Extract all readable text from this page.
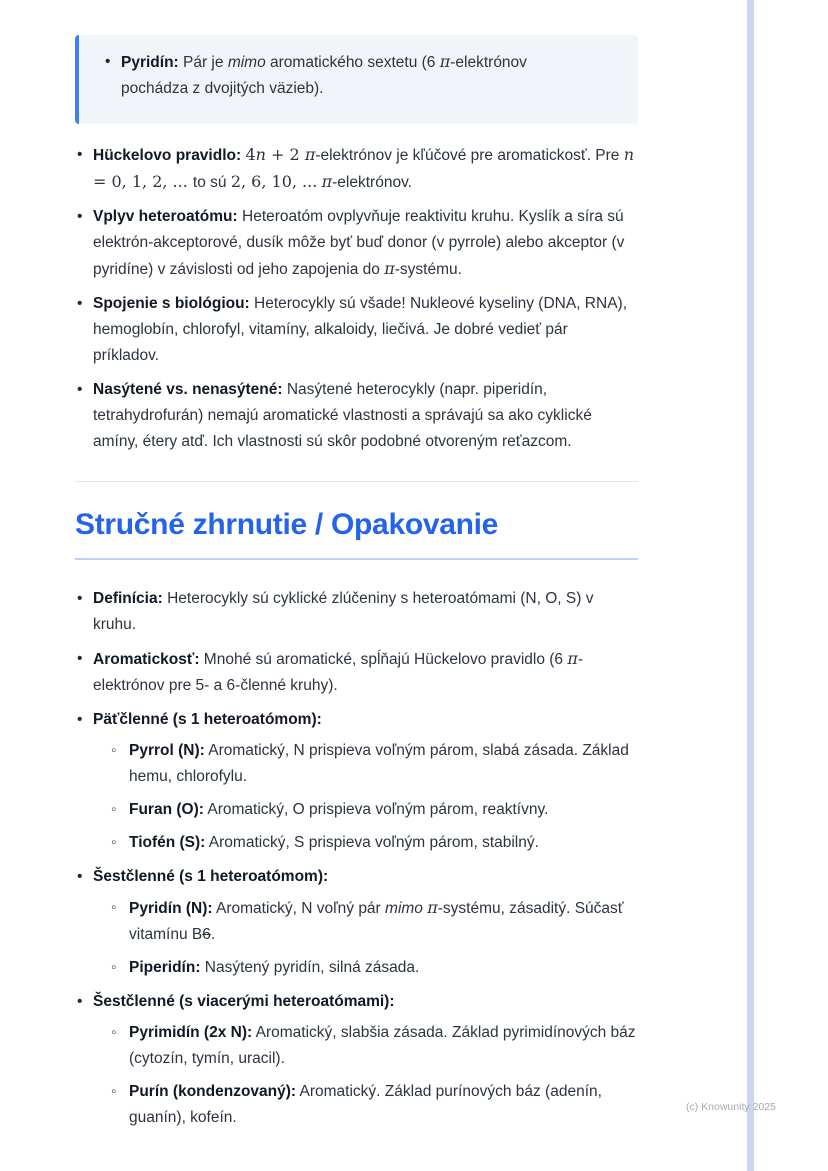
• Pyridín: Pár je mimo aromatického sextetu (6 π-elektrónov pochádza z dvojitých väzieb).
• Hückelovo pravidlo: 4n + 2 π-elektrónov je kľúčové pre aromatickosť. Pre n = 0, 1, 2, ... to sú 2, 6, 10, ... π-elektrónov.
• Vplyv heteroatómu: Heteroatóm ovplyvňuje reaktivitu kruhu. Kyslík a síra sú elektrón-akceptorové, dusík môže byť buď donor (v pyrrole) alebo akceptor (v pyridíne) v závislosti od jeho zapojenia do π-systému.
• Spojenie s biológiou: Heterocykly sú všade! Nukleové kyseliny (DNA, RNA), hemoglobín, chlorofyl, vitamíny, alkaloidy, liečivá. Je dobré vedieť pár príkladov.
• Nasýtené vs. nenasýtené: Nasýtené heterocykly (napr. piperidín, tetrahydrofurán) nemajú aromatické vlastnosti a správajú sa ako cyklické amíny, étery atď. Ich vlastnosti sú skôr podobné otvoreným reťazcom.
Stručné zhrnutie / Opakovanie
• Definícia: Heterocykly sú cyklické zlúčeniny s heteroatómami (N, O, S) v kruhu.
• Aromatickosť: Mnohé sú aromatické, spĺňajú Hückelovo pravidlo (6 π-elektrónov pre 5- a 6-členné kruhy).
• Päťčlenné (s 1 heteroatómom):
◦ Pyrrol (N): Aromatický, N prispieva voľným párom, slabá zásada. Základ hemu, chlorofylu.
◦ Furan (O): Aromatický, O prispieva voľným párom, reaktívny.
◦ Tiofén (S): Aromatický, S prispieva voľným párom, stabilný.
• Šestčlenné (s 1 heteroatómom):
◦ Pyridín (N): Aromatický, N voľný pár mimo π-systému, zásaditý. Súčasť vitamínu B6.
◦ Piperidín: Nasýtený pyridín, silná zásada.
• Šestčlenné (s viacerými heteroatómami):
◦ Pyrimidín (2x N): Aromatický, slabšia zásada. Základ pyrimidínových báz (cytozín, tymín, uracil).
◦ Purín (kondenzovaný): Aromatický. Základ purínových báz (adenín, guanín), kofeín.
(c) Knowunity 2025
